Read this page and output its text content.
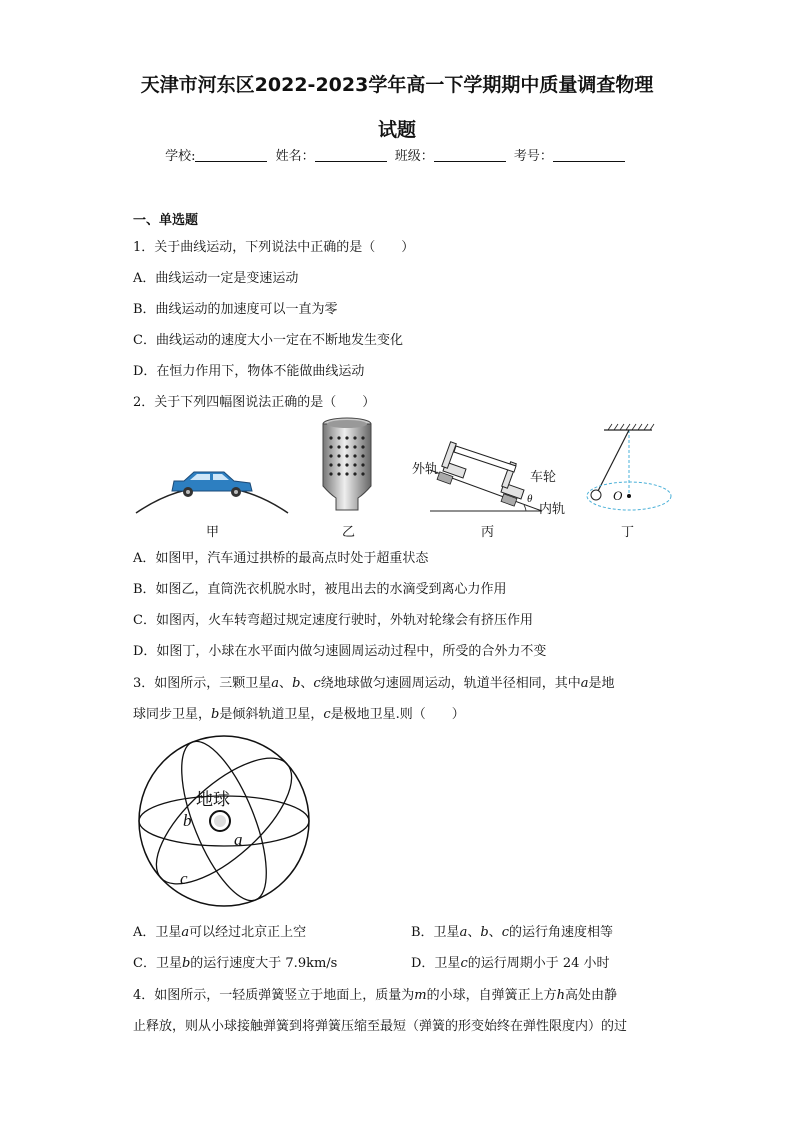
天津市河东区2022-2023学年高一下学期期中质量调查物理
试题
学校:	姓名：	班级：	考号：
一、单选题
1．关于曲线运动，下列说法中正确的是（　　）
A．曲线运动一定是变速运动
B．曲线运动的加速度可以一直为零
C．曲线运动的速度大小一定在不断地发生变化
D．在恒力作用下，物体不能做曲线运动
2．关于下列四幅图说法正确的是（　　）
甲	乙
θ
外轨
车轮
内轨
丙
O
丁
A．如图甲，汽车通过拱桥的最高点时处于超重状态
B．如图乙，直筒洗衣机脱水时，被甩出去的水滴受到离心力作用
C．如图丙，火车转弯超过规定速度行驶时，外轨对轮缘会有挤压作用
D．如图丁，小球在水平面内做匀速圆周运动过程中，所受的合外力不变
3．如图所示，三颗卫星a、b、c绕地球做匀速圆周运动，轨道半径相同，其中a是地
球同步卫星，b是倾斜轨道卫星，c是极地卫星.则（　　）
地球
b
a
c
A．卫星a可以经过北京正上空	B．卫星a、b、c的运行角速度相等
C．卫星b的运行速度大于 7.9km/s	D．卫星c的运行周期小于 24 小时
4．如图所示，一轻质弹簧竖立于地面上，质量为m的小球，自弹簧正上方h高处由静
止释放，则从小球接触弹簧到将弹簧压缩至最短（弹簧的形变始终在弹性限度内）的过
